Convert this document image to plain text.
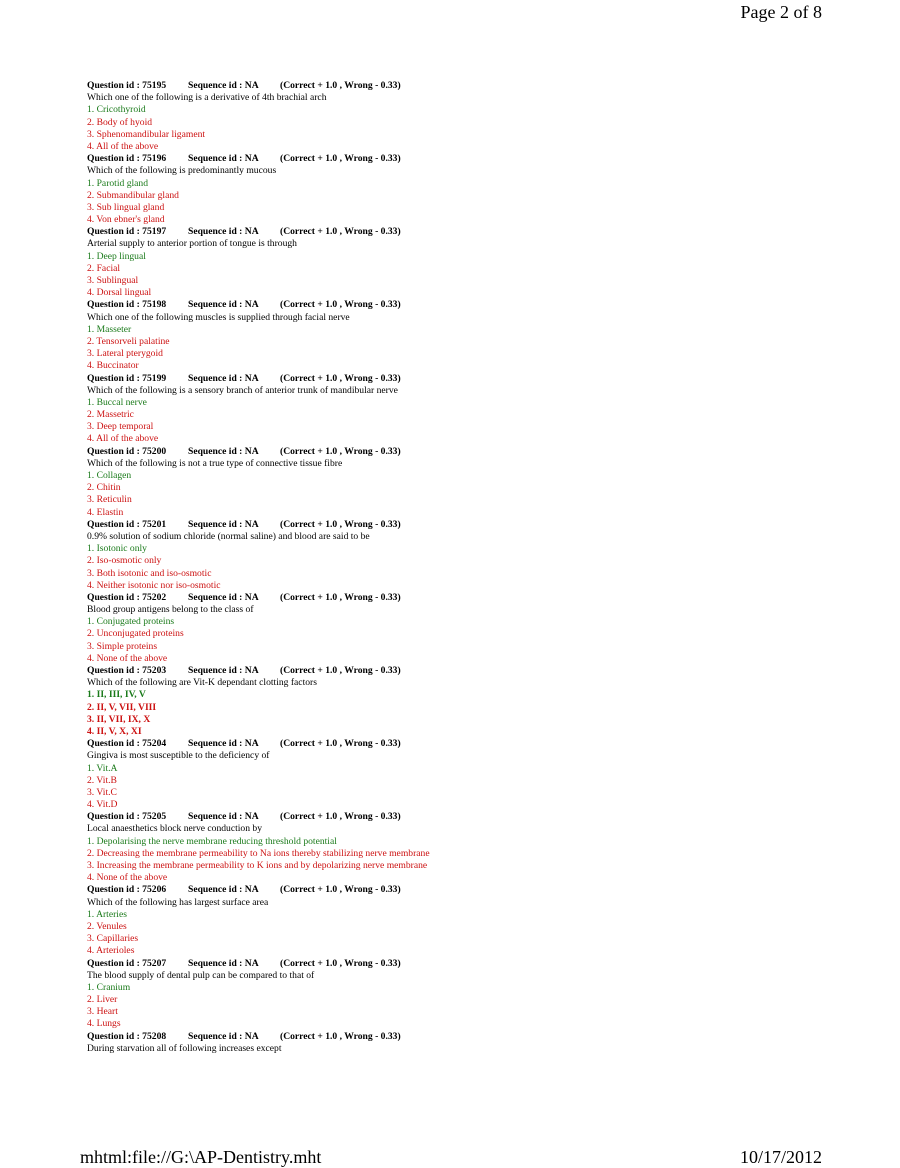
Page 2 of 8
Question id : 75195 Sequence id : NA (Correct + 1.0 , Wrong - 0.33)
Which one of the following is a derivative of 4th brachial arch
1. Cricothyroid
2. Body of hyoid
3. Sphenomandibular ligament
4. All of the above
Question id : 75196 Sequence id : NA (Correct + 1.0 , Wrong - 0.33)
Which of the following is predominantly mucous
1. Parotid gland
2. Submandibular gland
3. Sub lingual gland
4. Von ebner's gland
Question id : 75197 Sequence id : NA (Correct + 1.0 , Wrong - 0.33)
Arterial supply to anterior portion of tongue is through
1. Deep lingual
2. Facial
3. Sublingual
4. Dorsal lingual
Question id : 75198 Sequence id : NA (Correct + 1.0 , Wrong - 0.33)
Which one of the following muscles is supplied through facial nerve
1. Masseter
2. Tensorveli palatine
3. Lateral pterygoid
4. Buccinator
Question id : 75199 Sequence id : NA (Correct + 1.0 , Wrong - 0.33)
Which of the following is a sensory branch of anterior trunk of mandibular nerve
1. Buccal nerve
2. Massetric
3. Deep temporal
4. All of the above
Question id : 75200 Sequence id : NA (Correct + 1.0 , Wrong - 0.33)
Which of the following is not a true type of connective tissue fibre
1. Collagen
2. Chitin
3. Reticulin
4. Elastin
Question id : 75201 Sequence id : NA (Correct + 1.0 , Wrong - 0.33)
0.9% solution of sodium chloride (normal saline) and blood are said to be
1. Isotonic only
2. Iso-osmotic only
3. Both isotonic and iso-osmotic
4. Neither isotonic nor iso-osmotic
Question id : 75202 Sequence id : NA (Correct + 1.0 , Wrong - 0.33)
Blood group antigens belong to the class of
1. Conjugated proteins
2. Unconjugated proteins
3. Simple proteins
4. None of the above
Question id : 75203 Sequence id : NA (Correct + 1.0 , Wrong - 0.33)
Which of the following are Vit-K dependant clotting factors
1. II, III, IV, V
2. II, V, VII, VIII
3. II, VII, IX, X
4. II, V, X, XI
Question id : 75204 Sequence id : NA (Correct + 1.0 , Wrong - 0.33)
Gingiva is most susceptible to the deficiency of
1. Vit.A
2. Vit.B
3. Vit.C
4. Vit.D
Question id : 75205 Sequence id : NA (Correct + 1.0 , Wrong - 0.33)
Local anaesthetics block nerve conduction by
1. Depolarising the nerve membrane reducing threshold potential
2. Decreasing the membrane permeability to Na ions thereby stabilizing nerve membrane
3. Increasing the membrane permeability to K ions and by depolarizing nerve membrane
4. None of the above
Question id : 75206 Sequence id : NA (Correct + 1.0 , Wrong - 0.33)
Which of the following has largest surface area
1. Arteries
2. Venules
3. Capillaries
4. Arterioles
Question id : 75207 Sequence id : NA (Correct + 1.0 , Wrong - 0.33)
The blood supply of dental pulp can be compared to that of
1. Cranium
2. Liver
3. Heart
4. Lungs
Question id : 75208 Sequence id : NA (Correct + 1.0 , Wrong - 0.33)
During starvation all of following increases except
mhtml:file://G:\AP-Dentistry.mht	10/17/2012
